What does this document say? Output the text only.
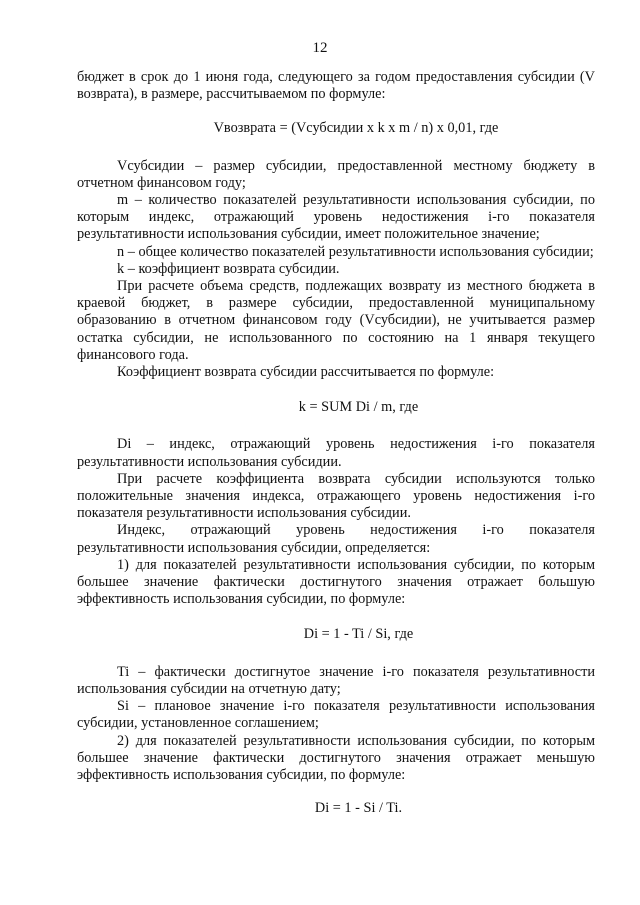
12

бюджет в срок до 1 июня года, следующего за годом предоставления субсидии (V возврата), в размере, рассчитываемом по формуле:

Vвозврата = (Vсубсидии x k x m / n) x 0,01, где

Vсубсидии – размер субсидии, предоставленной местному бюджету в отчетном финансовом году;

m – количество показателей результативности использования субсидии, по которым индекс, отражающий уровень недостижения i-го показателя результативности использования субсидии, имеет положительное значение;

n – общее количество показателей результативности использования субсидии;

k – коэффициент возврата субсидии.

При расчете объема средств, подлежащих возврату из местного бюджета в краевой бюджет, в размере субсидии, предоставленной муниципальному образованию в отчетном финансовом году (Vсубсидии), не учитывается размер остатка субсидии, не использованного по состоянию на 1 января текущего финансового года.

Коэффициент возврата субсидии рассчитывается по формуле:

k = SUM Di / m, где

Di – индекс, отражающий уровень недостижения i-го показателя результативности использования субсидии.

При расчете коэффициента возврата субсидии используются только положительные значения индекса, отражающего уровень недостижения i-го показателя результативности использования субсидии.

Индекс, отражающий уровень недостижения i-го показателя результативности использования субсидии, определяется:

1) для показателей результативности использования субсидии, по которым большее значение фактически достигнутого значения отражает большую эффективность использования субсидии, по формуле:

Di = 1 - Ti / Si, где

Ti – фактически достигнутое значение i-го показателя результативности использования субсидии на отчетную дату;

Si – плановое значение i-го показателя результативности использования субсидии, установленное соглашением;

2) для показателей результативности использования субсидии, по которым большее значение фактически достигнутого значения отражает меньшую эффективность использования субсидии, по формуле:

Di = 1 - Si / Ti.
